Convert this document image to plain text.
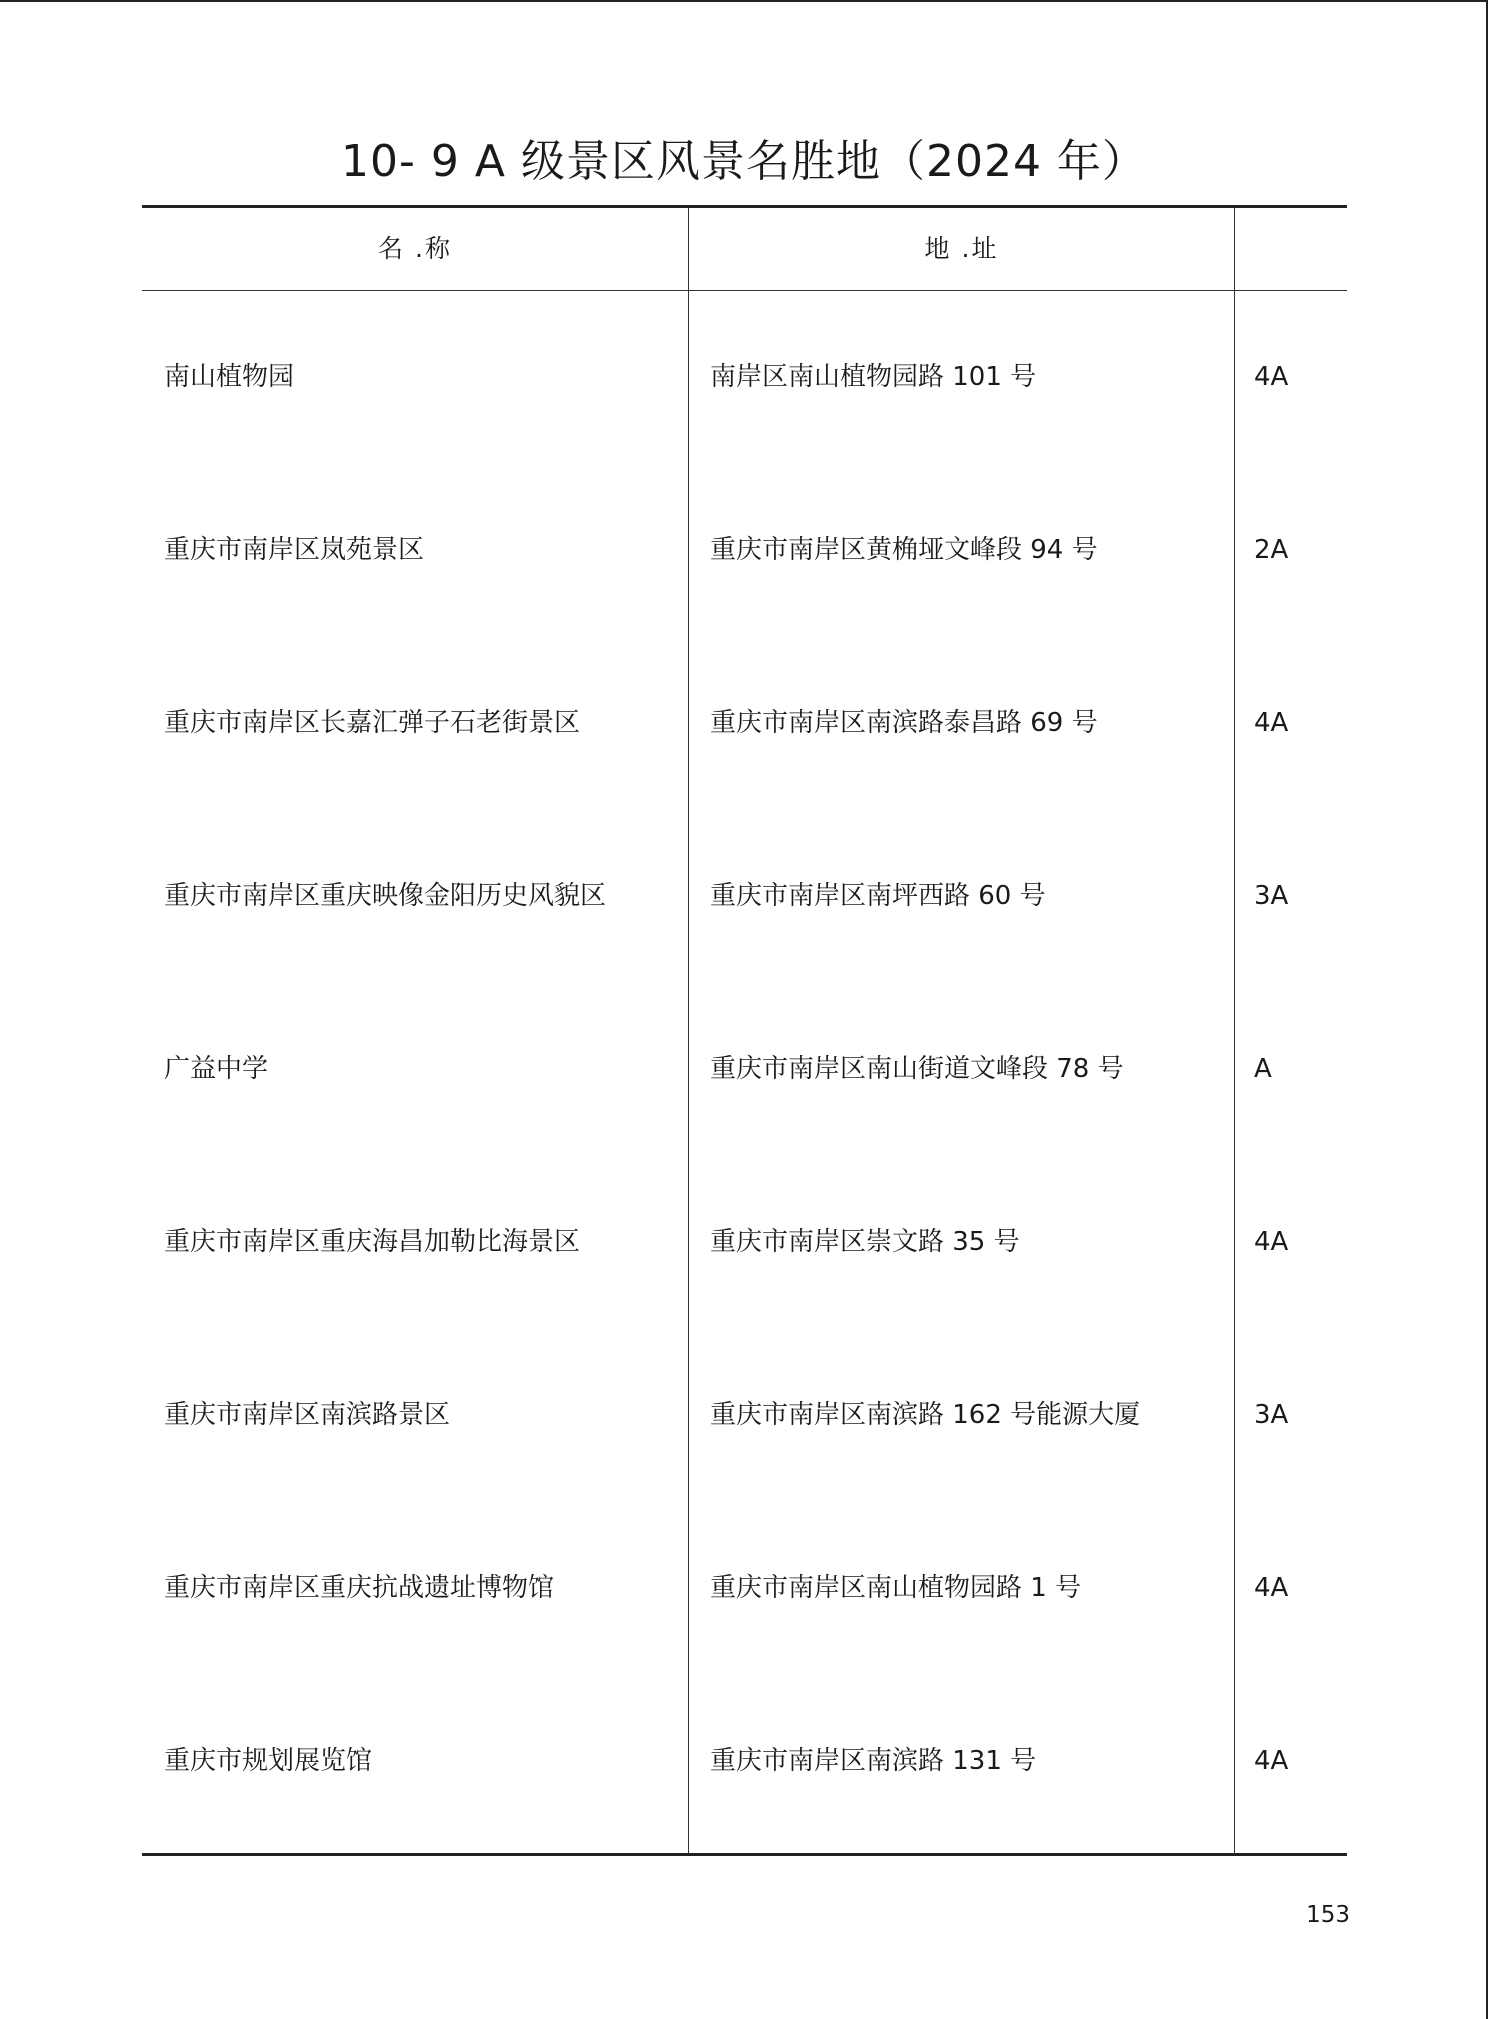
10- 9 A 级景区风景名胜地（2024 年）
名 .称	地 .址
南山植物园	南岸区南山植物园路 101 号	4A
重庆市南岸区岚苑景区	重庆市南岸区黄桷垭文峰段 94 号	2A
重庆市南岸区长嘉汇弹子石老街景区	重庆市南岸区南滨路泰昌路 69 号	4A
重庆市南岸区重庆映像金阳历史风貌区	重庆市南岸区南坪西路 60 号	3A
广益中学	重庆市南岸区南山街道文峰段 78 号	A
重庆市南岸区重庆海昌加勒比海景区	重庆市南岸区崇文路 35 号	4A
重庆市南岸区南滨路景区	重庆市南岸区南滨路 162 号能源大厦	3A
重庆市南岸区重庆抗战遗址博物馆	重庆市南岸区南山植物园路 1 号	4A
重庆市规划展览馆	重庆市南岸区南滨路 131 号	4A
153
